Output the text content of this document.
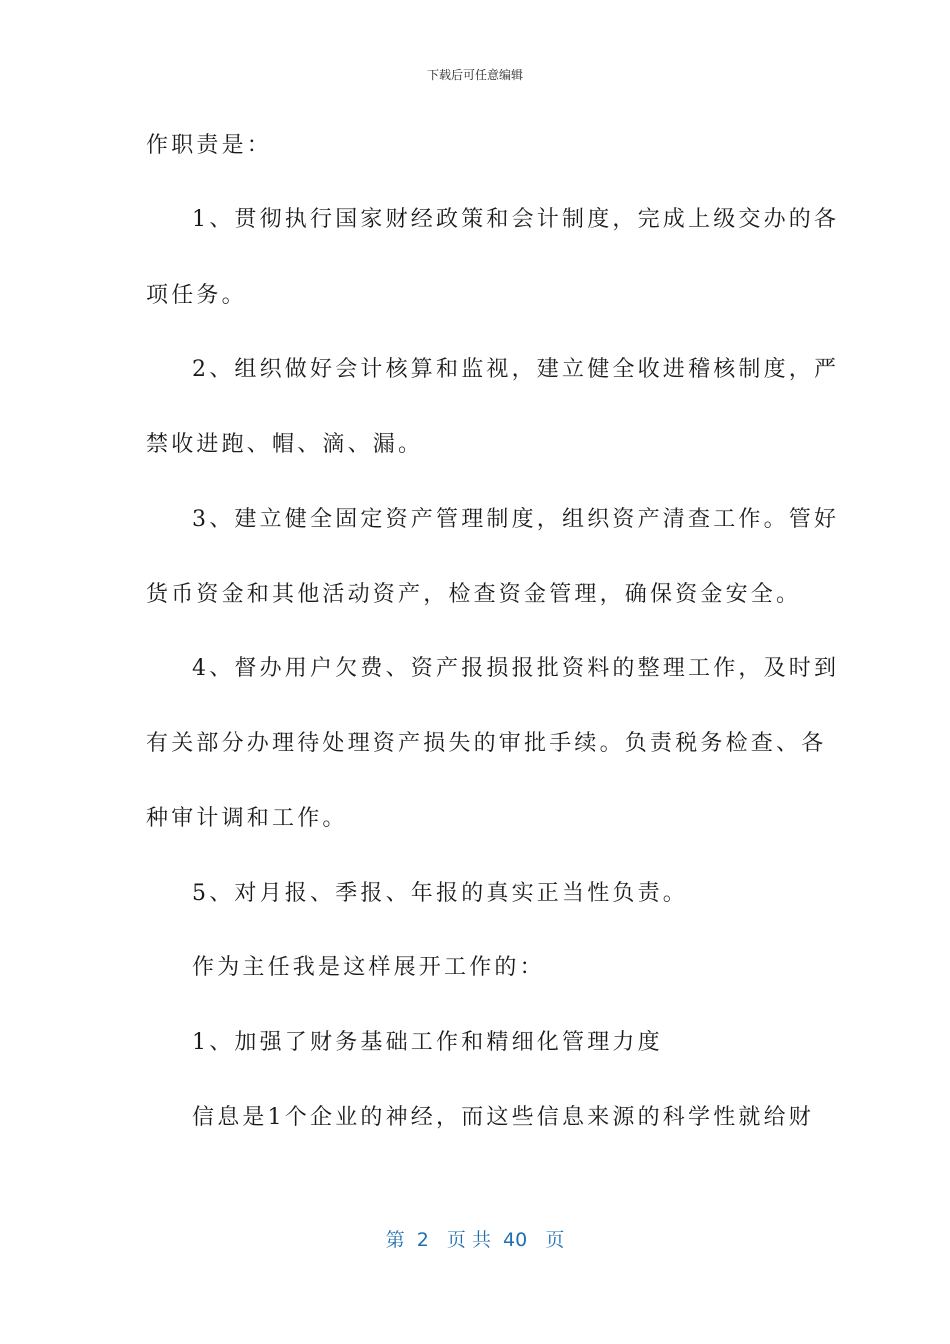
下载后可任意编辑
作职责是：
1、贯彻执行国家财经政策和会计制度，完成上级交办的各
项任务。
2、组织做好会计核算和监视，建立健全收进稽核制度，严
禁收进跑、帽、滴、漏。
3、建立健全固定资产管理制度，组织资产清查工作。管好
货币资金和其他活动资产，检查资金管理，确保资金安全。
4、督办用户欠费、资产报损报批资料的整理工作，及时到
有关部分办理待处理资产损失的审批手续。负责税务检查、各
种审计调和工作。
5、对月报、季报、年报的真实正当性负责。
作为主任我是这样展开工作的：
1、加强了财务基础工作和精细化管理力度
信息是1个企业的神经，而这些信息来源的科学性就给财
第  2   页 共  40   页
